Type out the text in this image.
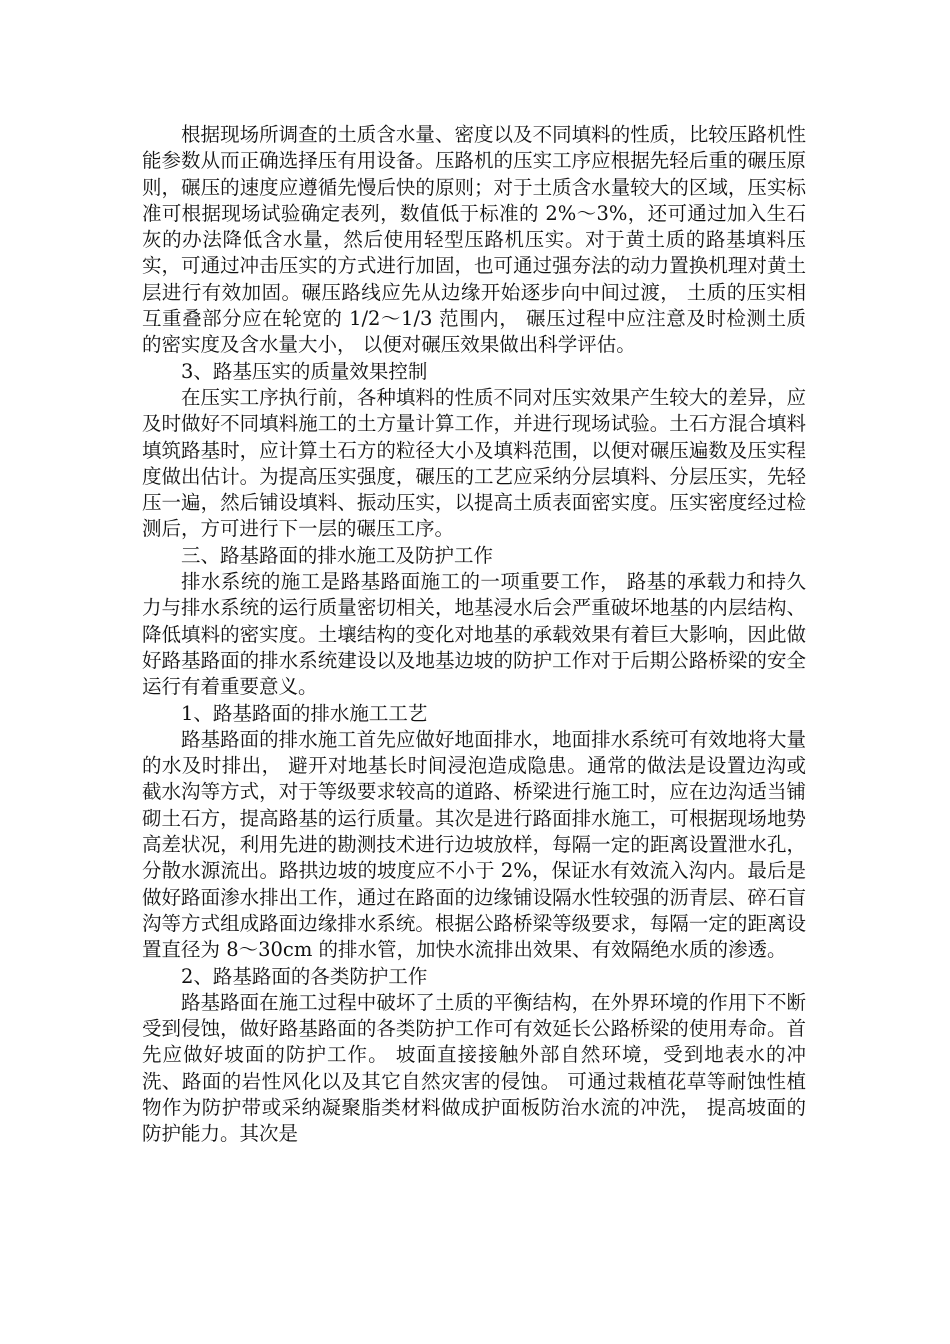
根据现场所调查的土质含水量、密度以及不同填料的性质，比较压路机性能参数从而正确选择压有用设备。压路机的压实工序应根据先轻后重的碾压原则，碾压的速度应遵循先慢后快的原则；对于土质含水量较大的区域，压实标准可根据现场试验确定表列，数值低于标准的 2%～3%，还可通过加入生石灰的办法降低含水量，然后使用轻型压路机压实。对于黄土质的路基填料压实，可通过冲击压实的方式进行加固，也可通过强夯法的动力置换机理对黄土层进行有效加固。碾压路线应先从边缘开始逐步向中间过渡， 土质的压实相互重叠部分应在轮宽的 1/2～1/3 范围内， 碾压过程中应注意及时检测土质的密实度及含水量大小， 以便对碾压效果做出科学评估。

3、路基压实的质量效果控制

在压实工序执行前，各种填料的性质不同对压实效果产生较大的差异，应及时做好不同填料施工的土方量计算工作，并进行现场试验。土石方混合填料填筑路基时，应计算土石方的粒径大小及填料范围，以便对碾压遍数及压实程度做出估计。为提高压实强度，碾压的工艺应采纳分层填料、分层压实，先轻压一遍，然后铺设填料、振动压实，以提高土质表面密实度。压实密度经过检测后，方可进行下一层的碾压工序。

三、路基路面的排水施工及防护工作

排水系统的施工是路基路面施工的一项重要工作， 路基的承载力和持久力与排水系统的运行质量密切相关，地基浸水后会严重破坏地基的内层结构、降低填料的密实度。土壤结构的变化对地基的承载效果有着巨大影响，因此做好路基路面的排水系统建设以及地基边坡的防护工作对于后期公路桥梁的安全运行有着重要意义。

1、路基路面的排水施工工艺

路基路面的排水施工首先应做好地面排水，地面排水系统可有效地将大量的水及时排出， 避开对地基长时间浸泡造成隐患。通常的做法是设置边沟或截水沟等方式，对于等级要求较高的道路、桥梁进行施工时，应在边沟适当铺砌土石方，提高路基的运行质量。其次是进行路面排水施工，可根据现场地势高差状况，利用先进的勘测技术进行边坡放样，每隔一定的距离设置泄水孔，分散水源流出。路拱边坡的坡度应不小于 2%，保证水有效流入沟内。最后是做好路面渗水排出工作，通过在路面的边缘铺设隔水性较强的沥青层、碎石盲沟等方式组成路面边缘排水系统。根据公路桥梁等级要求，每隔一定的距离设置直径为 8～30cm 的排水管，加快水流排出效果、有效隔绝水质的渗透。

2、路基路面的各类防护工作

路基路面在施工过程中破坏了土质的平衡结构，在外界环境的作用下不断受到侵蚀，做好路基路面的各类防护工作可有效延长公路桥梁的使用寿命。首先应做好坡面的防护工作。 坡面直接接触外部自然环境，受到地表水的冲洗、路面的岩性风化以及其它自然灾害的侵蚀。 可通过栽植花草等耐蚀性植物作为防护带或采纳凝聚脂类材料做成护面板防治水流的冲洗， 提高坡面的防护能力。其次是
